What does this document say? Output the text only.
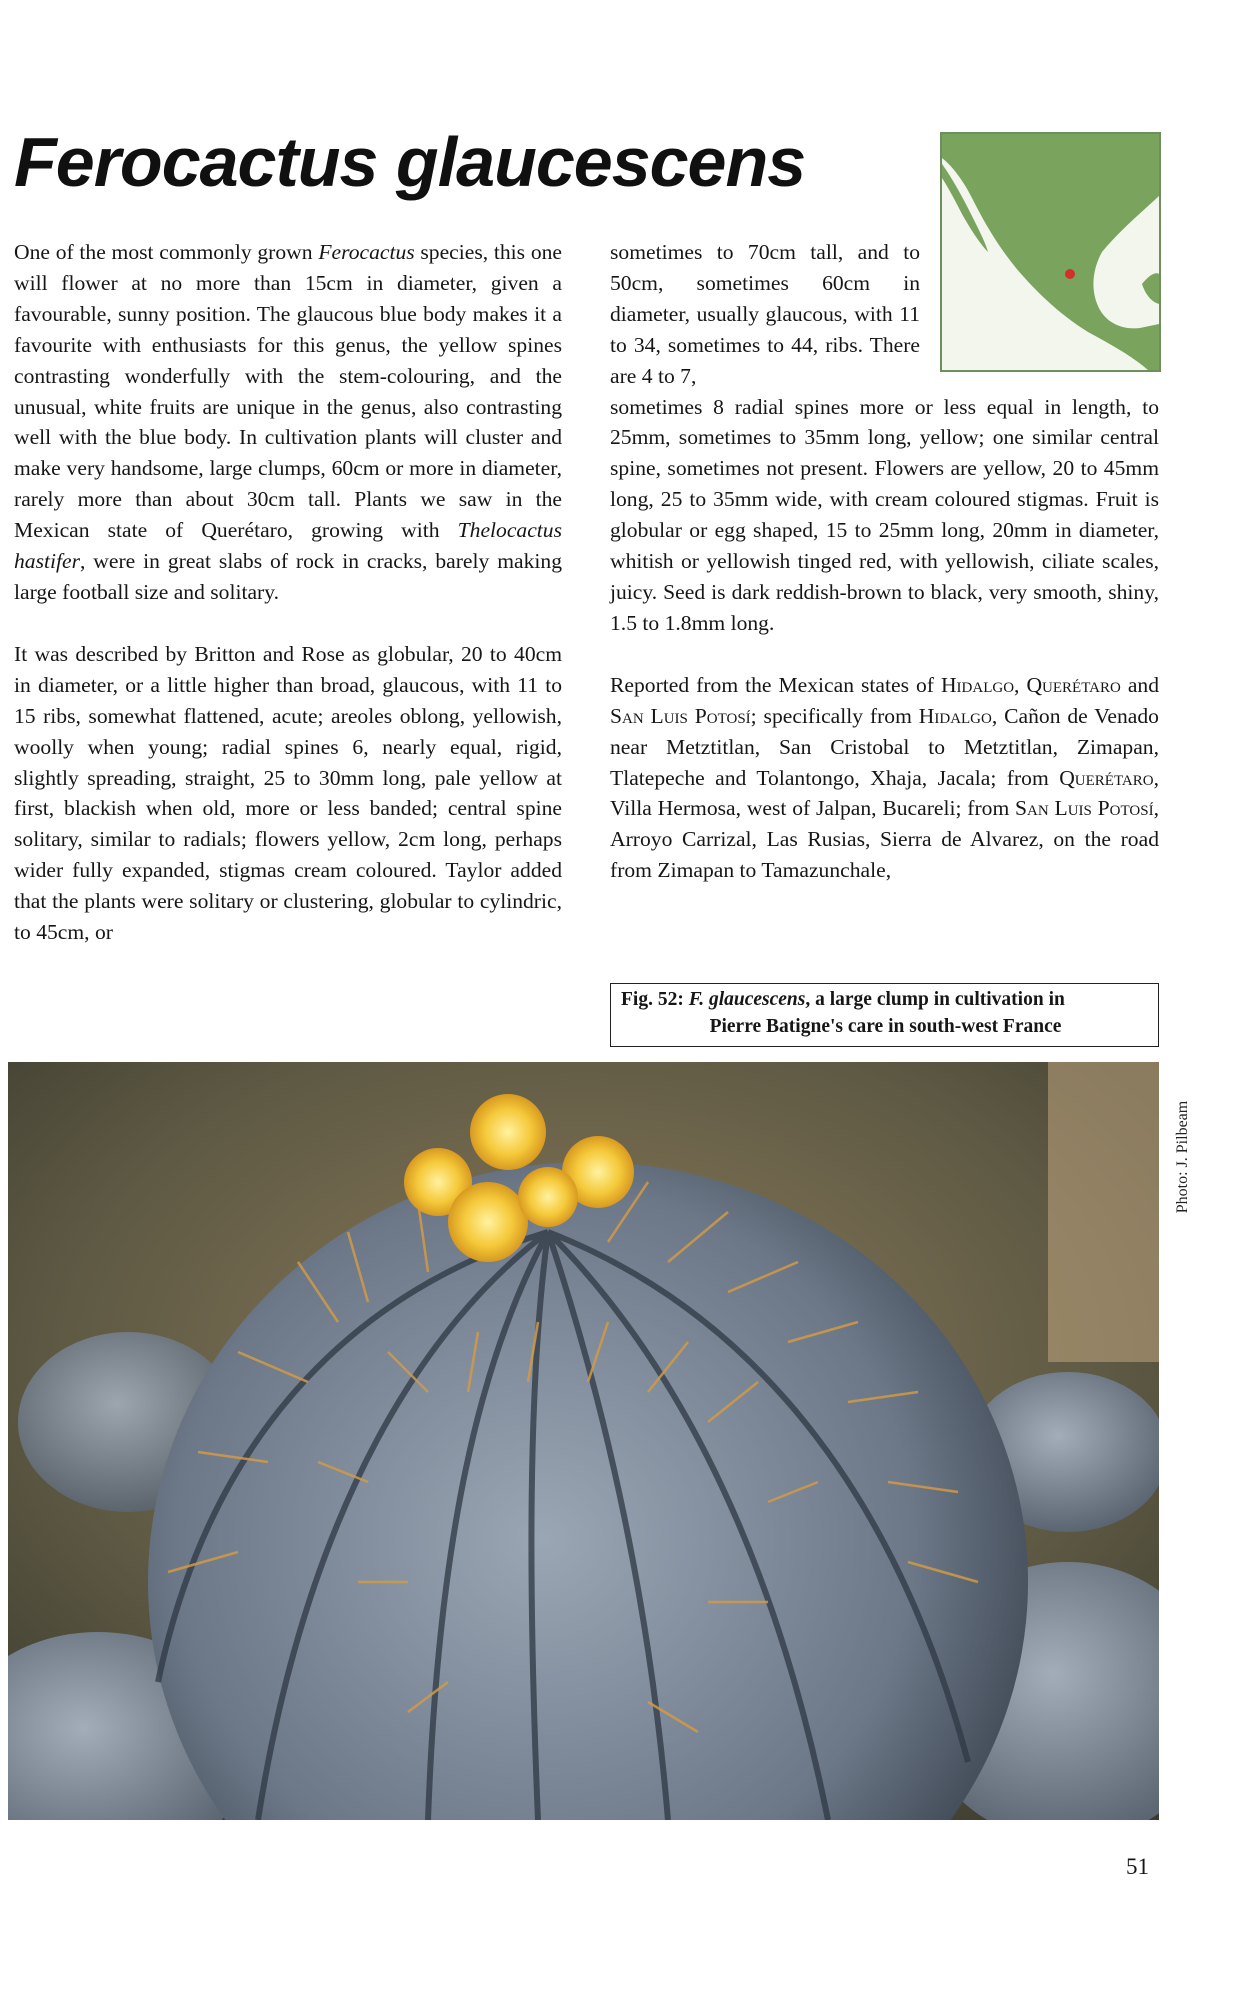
Ferocactus glaucescens

One of the most commonly grown Ferocactus species, this one will flower at no more than 15cm in diameter, given a favourable, sunny position. The glaucous blue body makes it a favourite with enthusiasts for this genus, the yellow spines contrasting wonderfully with the stem-colouring, and the unusual, white fruits are unique in the genus, also contrasting well with the blue body. In cultivation plants will cluster and make very handsome, large clumps, 60cm or more in diameter, rarely more than about 30cm tall. Plants we saw in the Mexican state of Querétaro, growing with Thelocactus hastifer, were in great slabs of rock in cracks, barely making large football size and solitary.

It was described by Britton and Rose as globular, 20 to 40cm in diameter, or a little higher than broad, glaucous, with 11 to 15 ribs, somewhat flattened, acute; areoles oblong, yellowish, woolly when young; radial spines 6, nearly equal, rigid, slightly spreading, straight, 25 to 30mm long, pale yellow at first, blackish when old, more or less banded; central spine solitary, similar to radials; flowers yellow, 2cm long, perhaps wider fully expanded, stigmas cream coloured. Taylor added that the plants were solitary or clustering, globular to cylindric, to 45cm, or

sometimes to 70cm tall, and to 50cm, sometimes 60cm in diameter, usually glaucous, with 11 to 34, sometimes to 44, ribs. There are 4 to 7,

sometimes 8 radial spines more or less equal in length, to 25mm, sometimes to 35mm long, yellow; one similar central spine, sometimes not present. Flowers are yellow, 20 to 45mm long, 25 to 35mm wide, with cream coloured stigmas. Fruit is globular or egg shaped, 15 to 25mm long, 20mm in diameter, whitish or yellowish tinged red, with yellowish, ciliate scales, juicy. Seed is dark reddish-brown to black, very smooth, shiny, 1.5 to 1.8mm long.

Reported from the Mexican states of Hidalgo, Querétaro and San Luis Potosí; specifically from Hidalgo, Cañon de Venado near Metztitlan, San Cristobal to Metztitlan, Zimapan, Tlatepeche and Tolantongo, Xhaja, Jacala; from Querétaro, Villa Hermosa, west of Jalpan, Bucareli; from San Luis Potosí, Arroyo Carrizal, Las Rusias, Sierra de Alvarez, on the road from Zimapan to Tamazunchale,

Fig. 52: F. glaucescens, a large clump in cultivation in
Pierre Batigne's care in south-west France
Photo: J. Pilbeam
51
